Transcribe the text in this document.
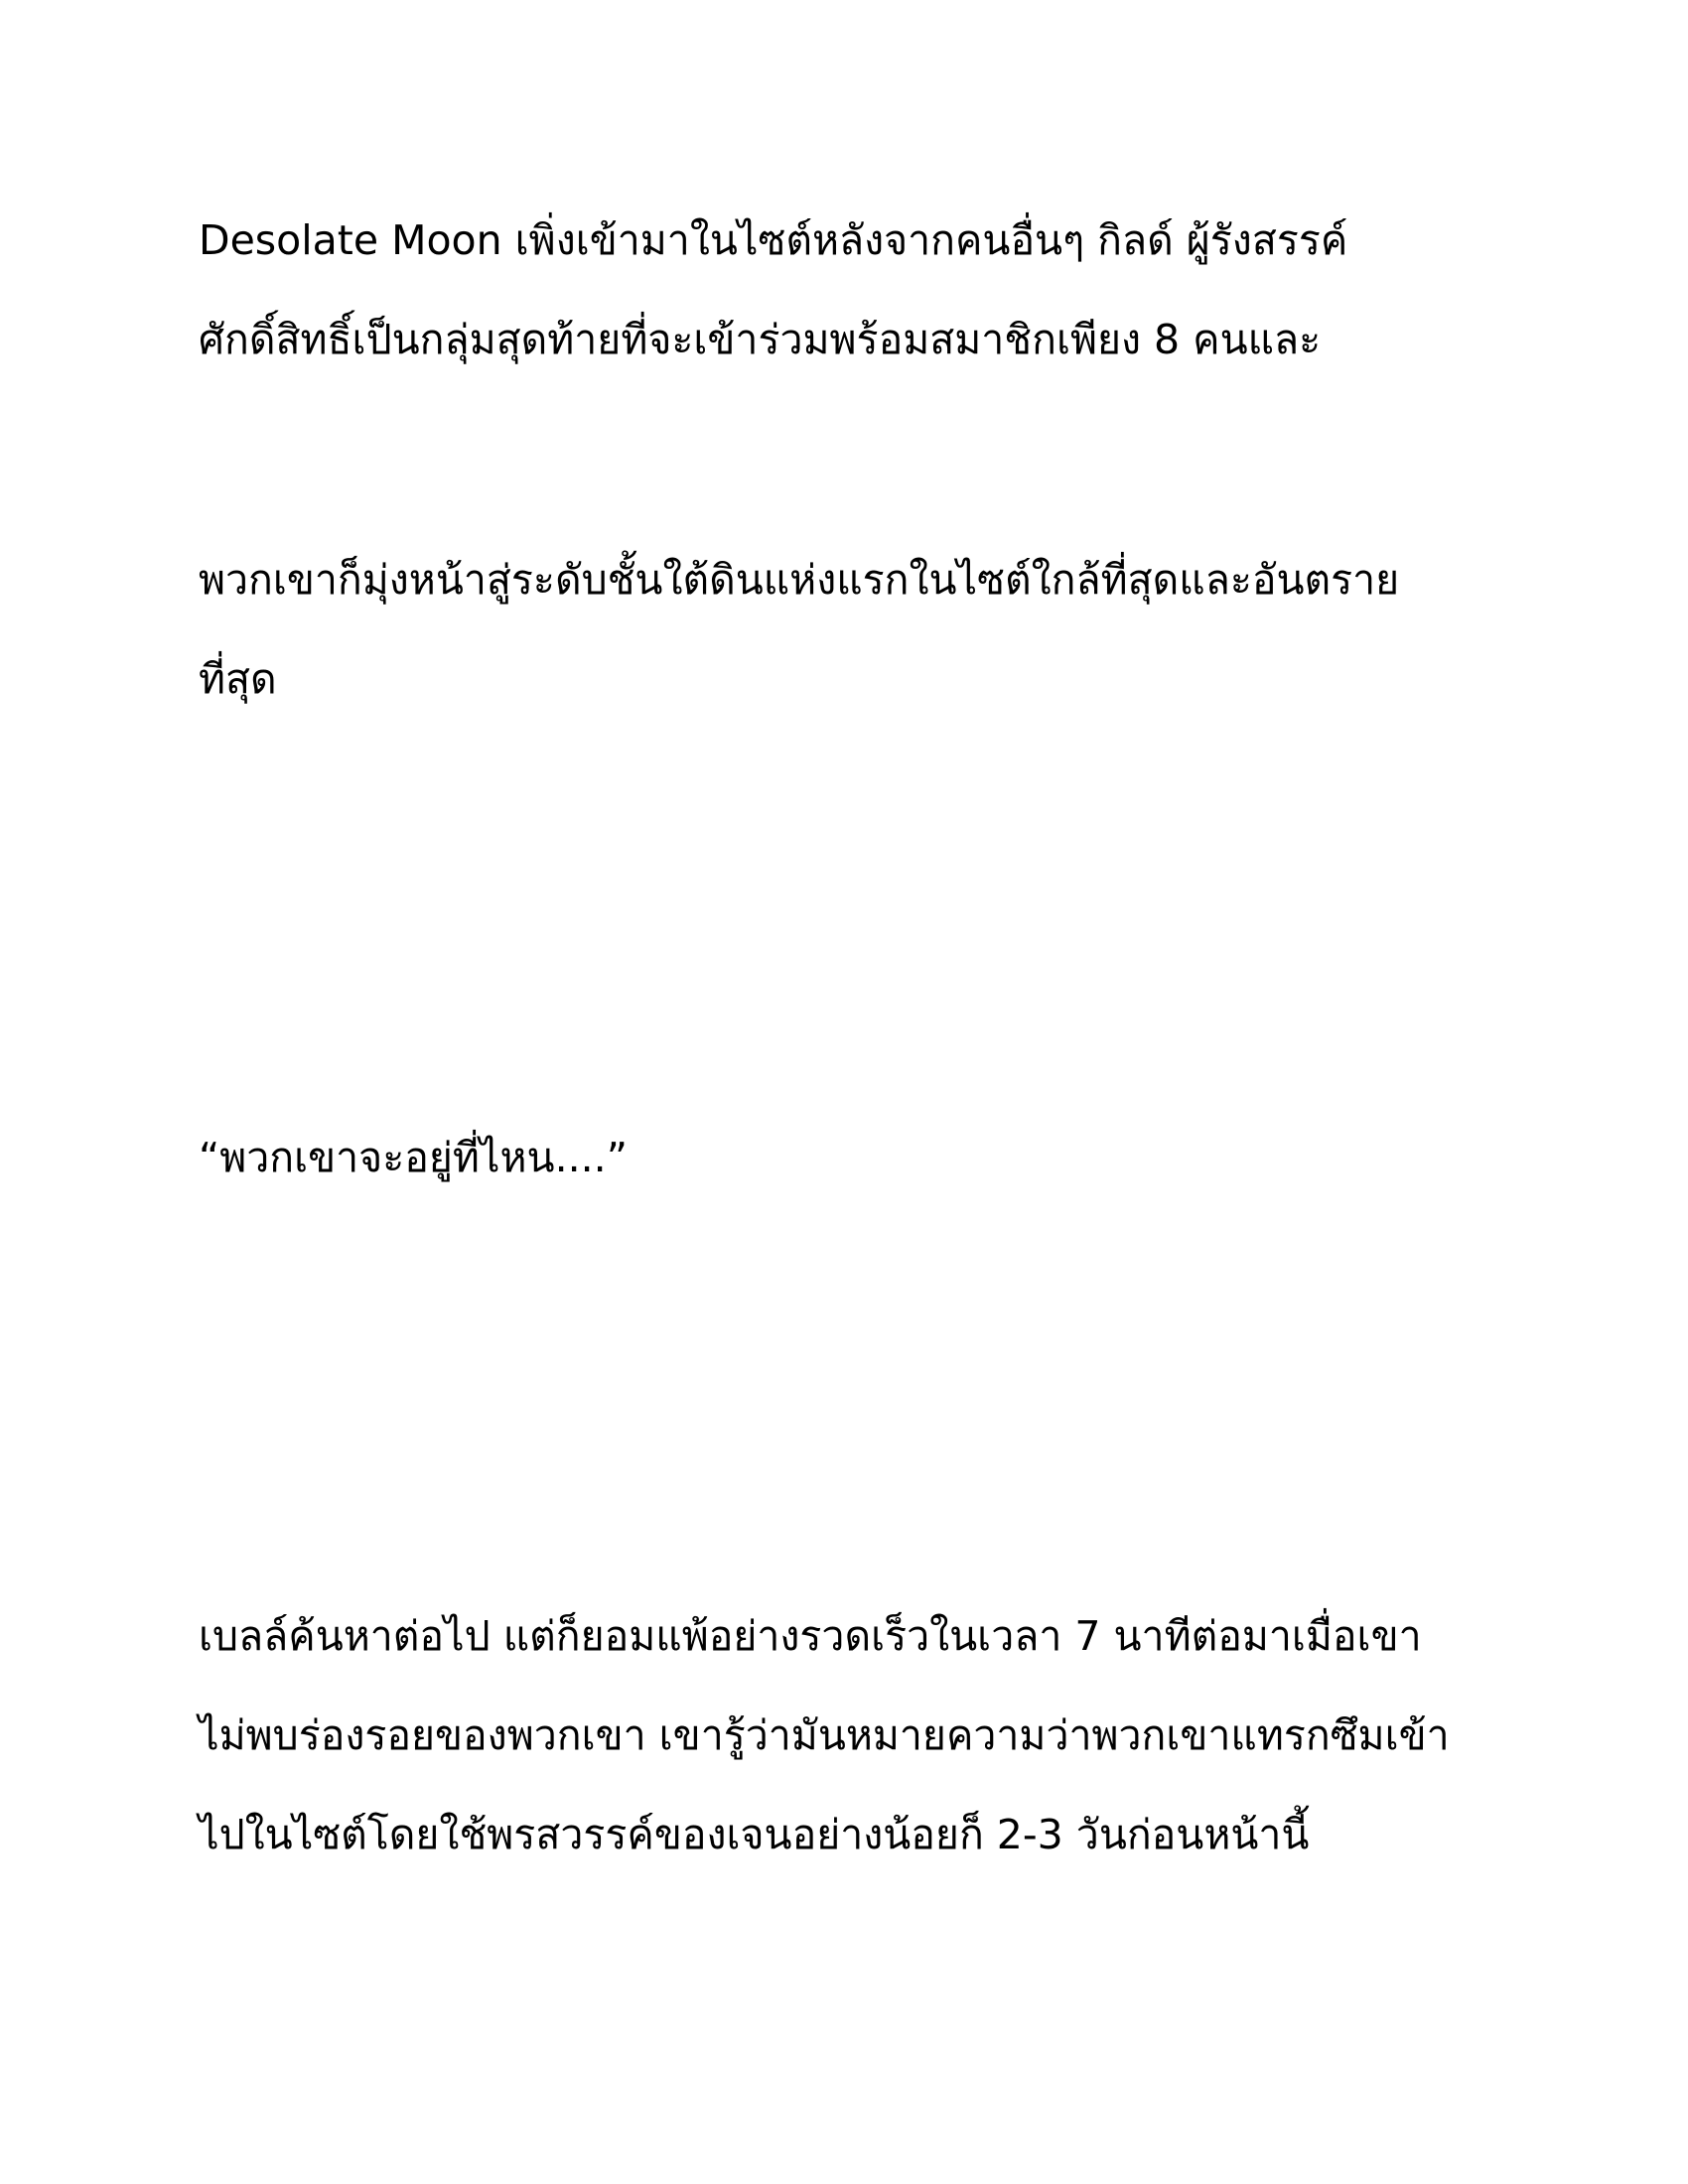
Desolate Moon เพิ่งเข้ามาในไซต์หลังจากคนอื่นๆ กิลด์ ผู้รังสรรค์
ศักดิ์สิทธิ์เป็นกลุ่มสุดท้ายที่จะเข้าร่วมพร้อมสมาชิกเพียง 8 คนและ
พวกเขาก็มุ่งหน้าสู่ระดับชั้นใต้ดินแห่งแรกในไซต์ใกล้ที่สุดและอันตราย
ที่สุด
“พวกเขาจะอยู่ที่ไหน....”
เบลล์ค้นหาต่อไป แต่ก็ยอมแพ้อย่างรวดเร็วในเวลา 7 นาทีต่อมาเมื่อเขา
ไม่พบร่องรอยของพวกเขา เขารู้ว่ามันหมายความว่าพวกเขาแทรกซึมเข้า
ไปในไซต์โดยใช้พรสวรรค์ของเจนอย่างน้อยก็ 2-3 วันก่อนหน้านี้
